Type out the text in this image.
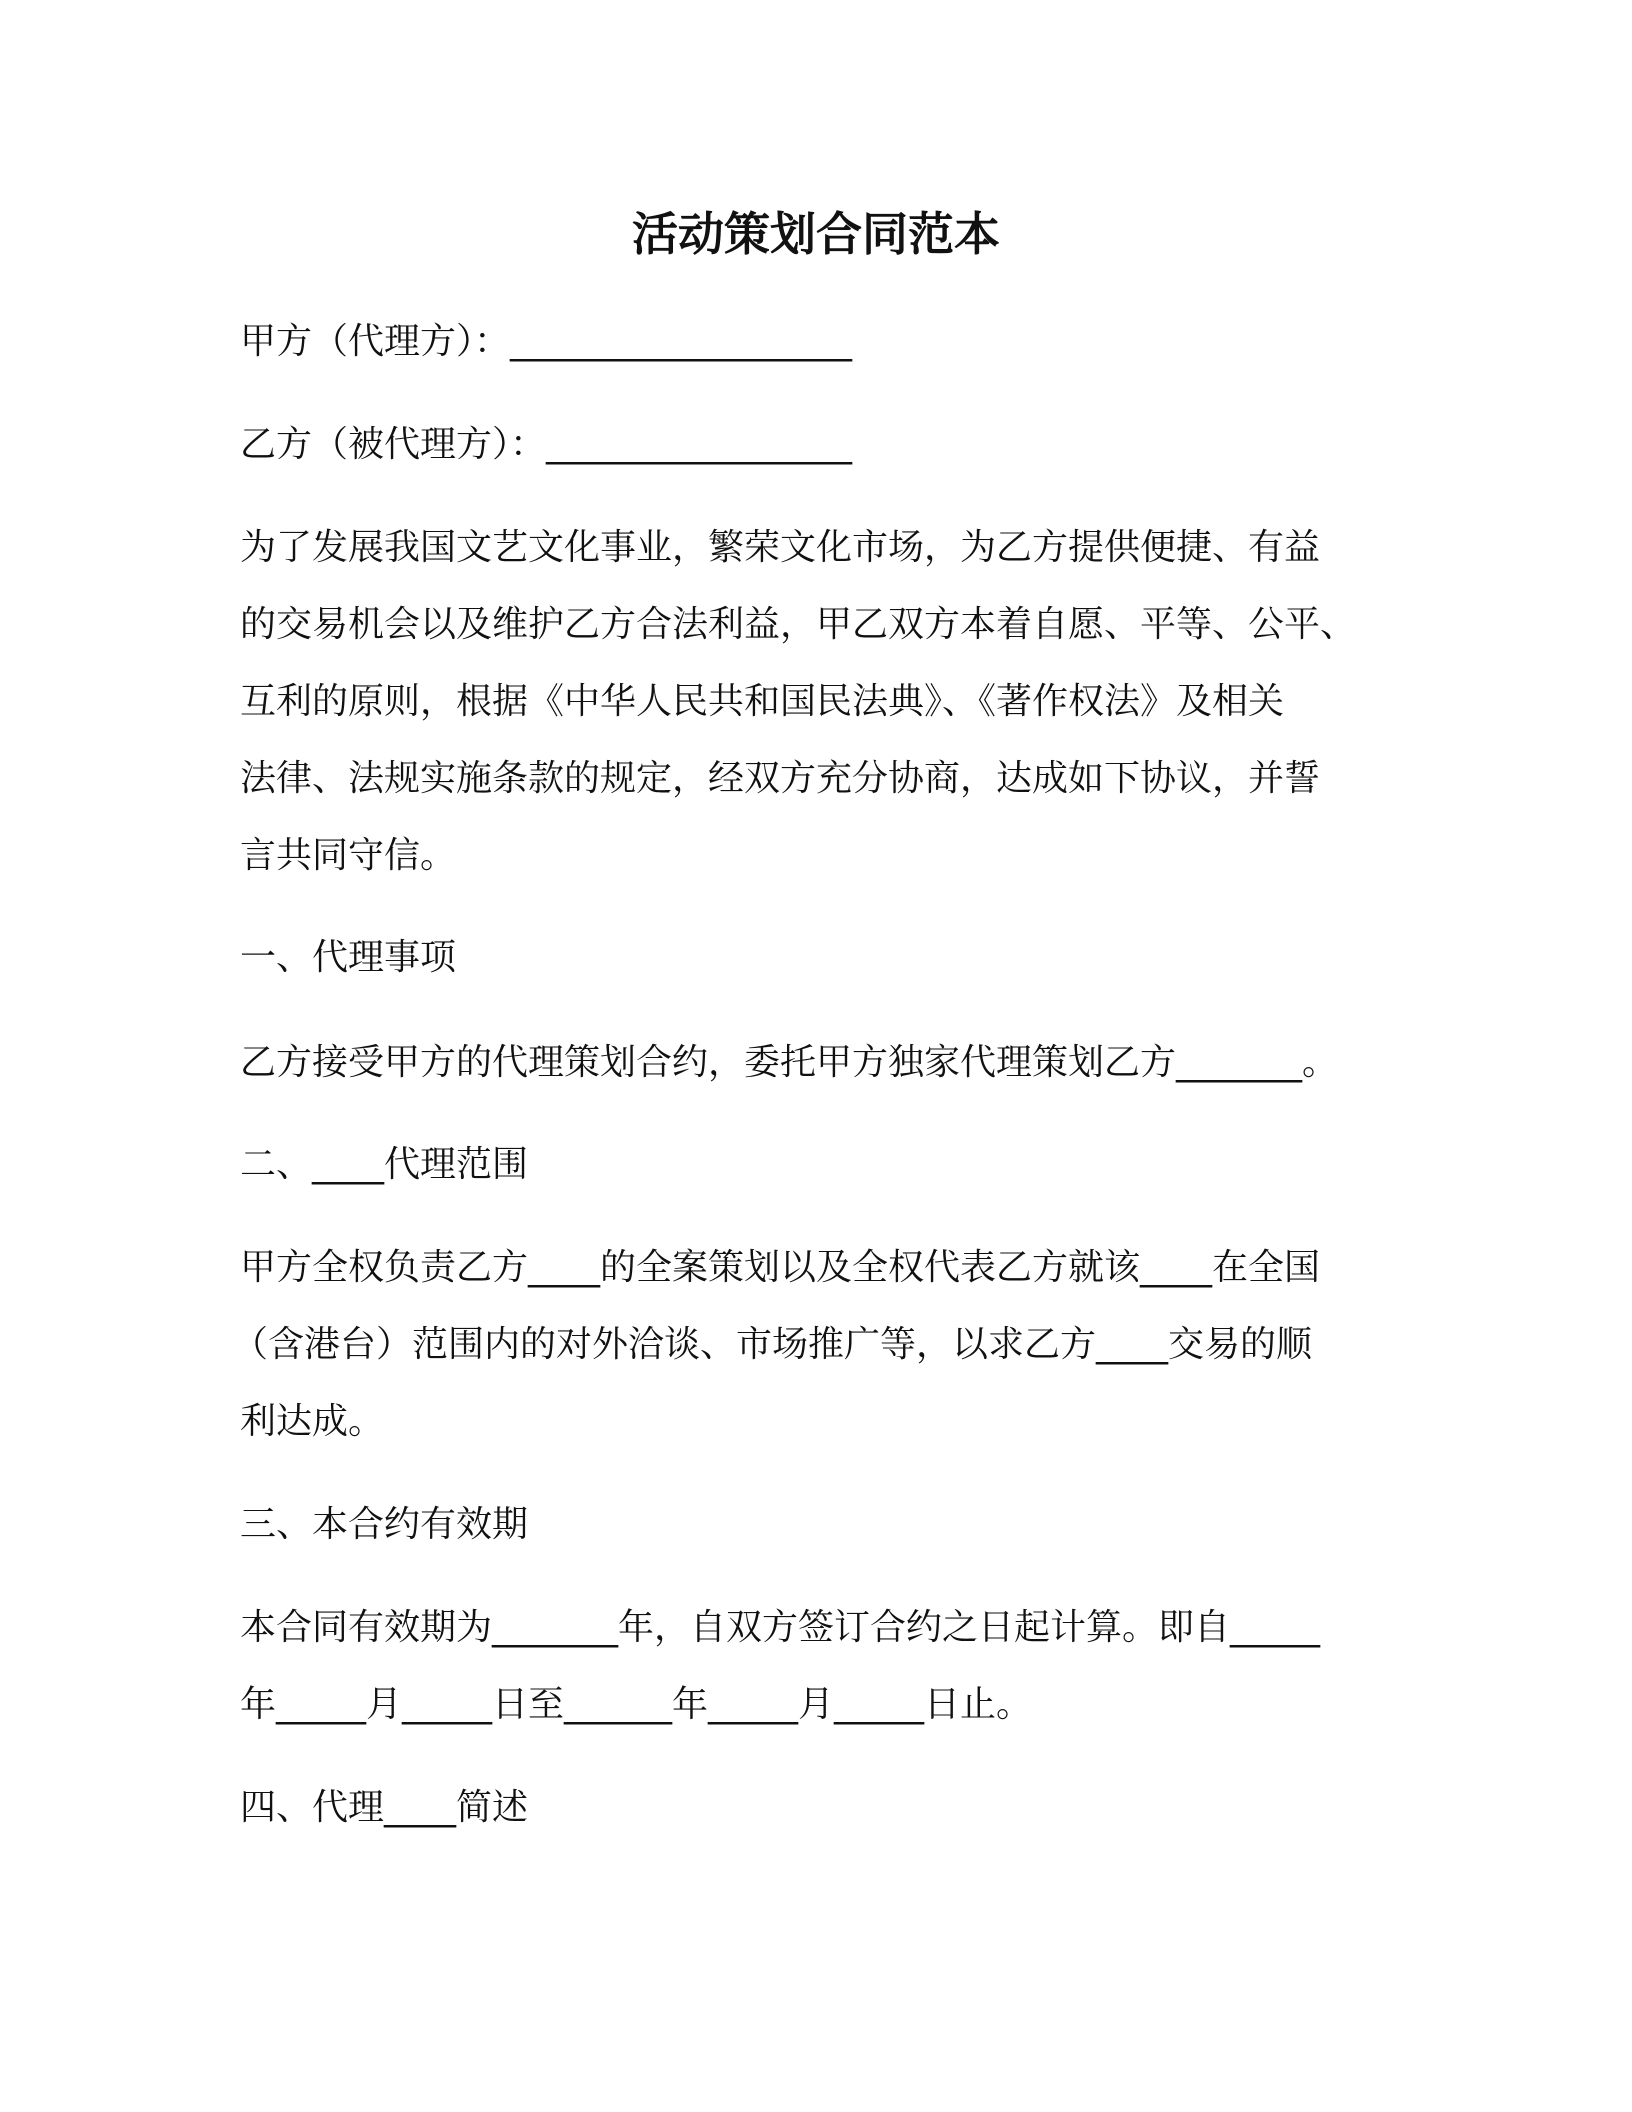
活动策划合同范本
甲方（代理方）：___________________
乙方（被代理方）：_________________
为了发展我国文艺文化事业，繁荣文化市场，为乙方提供便捷、有益
的交易机会以及维护乙方合法利益，甲乙双方本着自愿、平等、公平、
互利的原则，根据《中华人民共和国民法典》、《著作权法》及相关
法律、法规实施条款的规定，经双方充分协商，达成如下协议，并誓
言共同守信。
一、代理事项
乙方接受甲方的代理策划合约，委托甲方独家代理策划乙方_______。
二、____代理范围
甲方全权负责乙方____的全案策划以及全权代表乙方就该____在全国
（含港台）范围内的对外洽谈、市场推广等，以求乙方____交易的顺
利达成。
三、本合约有效期
本合同有效期为_______年，自双方签订合约之日起计算。即自_____
年_____月_____日至______年_____月_____日止。
四、代理____简述
